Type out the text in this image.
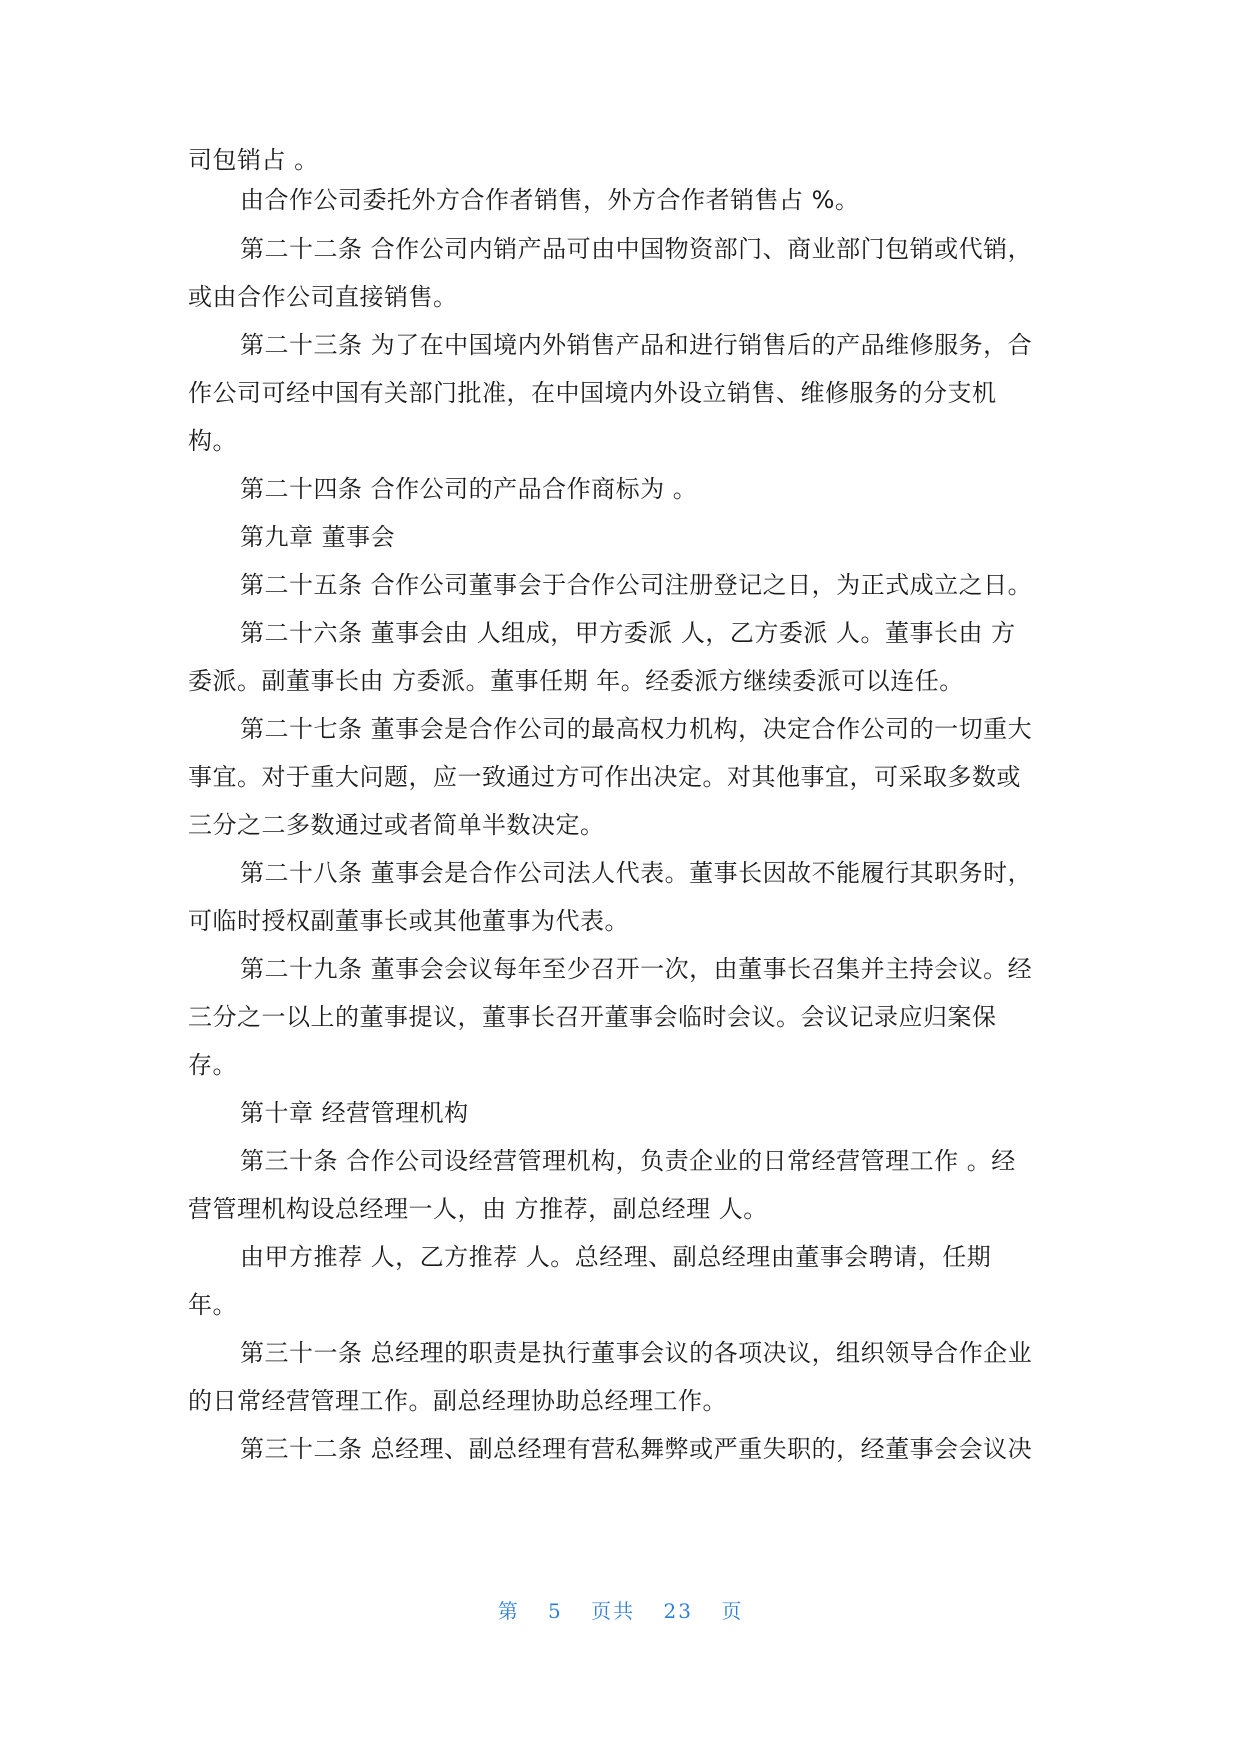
司包销占 。
由合作公司委托外方合作者销售，外方合作者销售占 %。
第二十二条 合作公司内销产品可由中国物资部门、商业部门包销或代销，
或由合作公司直接销售。
第二十三条 为了在中国境内外销售产品和进行销售后的产品维修服务，合
作公司可经中国有关部门批准，在中国境内外设立销售、维修服务的分支机
构。
第二十四条 合作公司的产品合作商标为 。
第九章 董事会
第二十五条 合作公司董事会于合作公司注册登记之日，为正式成立之日。
第二十六条 董事会由 人组成，甲方委派 人，乙方委派 人。董事长由 方
委派。副董事长由 方委派。董事任期 年。经委派方继续委派可以连任。
第二十七条 董事会是合作公司的最高权力机构，决定合作公司的一切重大
事宜。对于重大问题，应一致通过方可作出决定。对其他事宜，可采取多数或
三分之二多数通过或者简单半数决定。
第二十八条 董事会是合作公司法人代表。董事长因故不能履行其职务时，
可临时授权副董事长或其他董事为代表。
第二十九条 董事会会议每年至少召开一次，由董事长召集并主持会议。经
三分之一以上的董事提议，董事长召开董事会临时会议。会议记录应归案保
存。
第十章 经营管理机构
第三十条 合作公司设经营管理机构，负责企业的日常经营管理工作 。经
营管理机构设总经理一人，由 方推荐，副总经理 人。
由甲方推荐 人，乙方推荐 人。总经理、副总经理由董事会聘请，任期
年。
第三十一条 总经理的职责是执行董事会议的各项决议，组织领导合作企业
的日常经营管理工作。副总经理协助总经理工作。
第三十二条 总经理、副总经理有营私舞弊或严重失职的，经董事会会议决
第 5 页共 23 页
